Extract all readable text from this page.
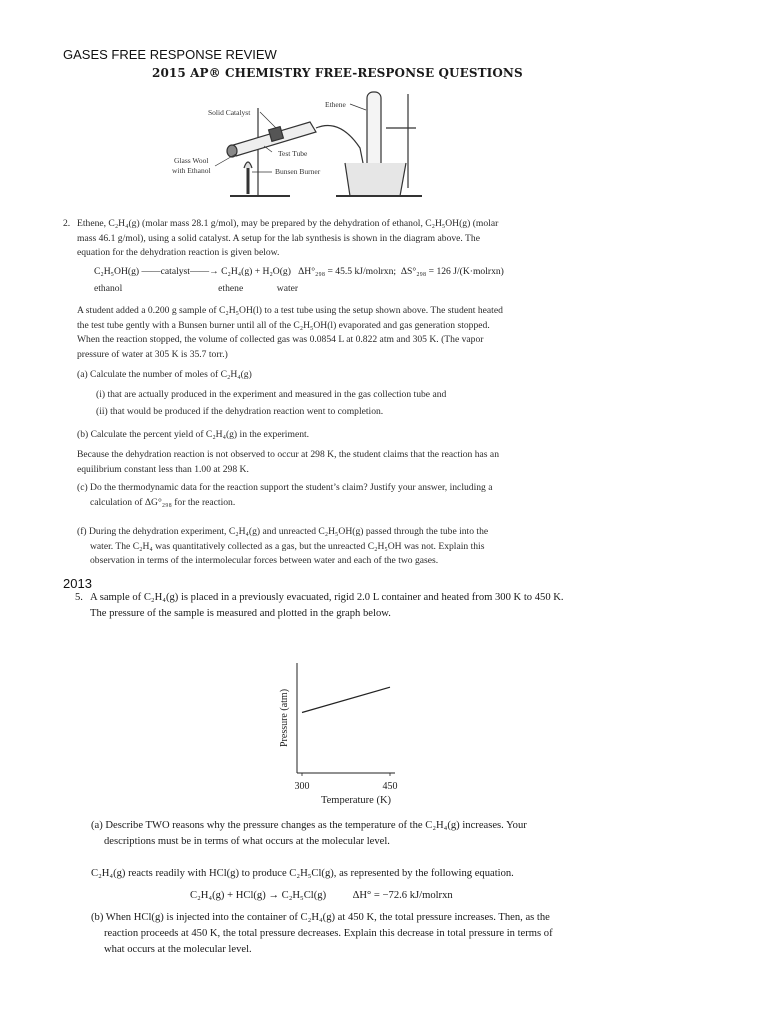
GASES FREE RESPONSE REVIEW
2015 AP® CHEMISTRY FREE-RESPONSE QUESTIONS
Solid Catalyst
Ethene
Test Tube
Glass Wool
with Ethanol	Bunsen Burner
2. Ethene, C₂H₄(g) (molar mass 28.1 g/mol), may be prepared by the dehydration of ethanol, C₂H₅OH(g) (molar
mass 46.1 g/mol), using a solid catalyst. A setup for the lab synthesis is shown in the diagram above. The
equation for the dehydration reaction is given below.
C₂H₅OH(g) ——catalyst——→ C₂H₄(g) + H₂O(g)   ΔH°₂₉₈ = 45.5 kJ/molrxn;  ΔS°₂₉₈ = 126 J/(K·molrxn)
ethanol                                        ethene              water
A student added a 0.200 g sample of C₂H₅OH(l) to a test tube using the setup shown above. The student heated
the test tube gently with a Bunsen burner until all of the C₂H₅OH(l) evaporated and gas generation stopped.
When the reaction stopped, the volume of collected gas was 0.0854 L at 0.822 atm and 305 K. (The vapor
pressure of water at 305 K is 35.7 torr.)
(a) Calculate the number of moles of C₂H₄(g)
(i) that are actually produced in the experiment and measured in the gas collection tube and
(ii) that would be produced if the dehydration reaction went to completion.
(b) Calculate the percent yield of C₂H₄(g) in the experiment.
Because the dehydration reaction is not observed to occur at 298 K, the student claims that the reaction has an
equilibrium constant less than 1.00 at 298 K.
(c) Do the thermodynamic data for the reaction support the student’s claim? Justify your answer, including a
calculation of ΔG°₂₉₈ for the reaction.
(f) During the dehydration experiment, C₂H₄(g) and unreacted C₂H₅OH(g) passed through the tube into the
water. The C₂H₄ was quantitatively collected as a gas, but the unreacted C₂H₅OH was not. Explain this
observation in terms of the intermolecular forces between water and each of the two gases.
2013
5. A sample of C₂H₄(g) is placed in a previously evacuated, rigid 2.0 L container and heated from 300 K to 450 K.
The pressure of the sample is measured and plotted in the graph below.
300	450
Temperature (K)
Pressure (atm)
(a) Describe TWO reasons why the pressure changes as the temperature of the C₂H₄(g) increases. Your
descriptions must be in terms of what occurs at the molecular level.
C₂H₄(g) reacts readily with HCl(g) to produce C₂H₅Cl(g), as represented by the following equation.
C₂H₄(g) + HCl(g) → C₂H₅Cl(g)          ΔH° = −72.6 kJ/molrxn
(b) When HCl(g) is injected into the container of C₂H₄(g) at 450 K, the total pressure increases. Then, as the
reaction proceeds at 450 K, the total pressure decreases. Explain this decrease in total pressure in terms of
what occurs at the molecular level.
